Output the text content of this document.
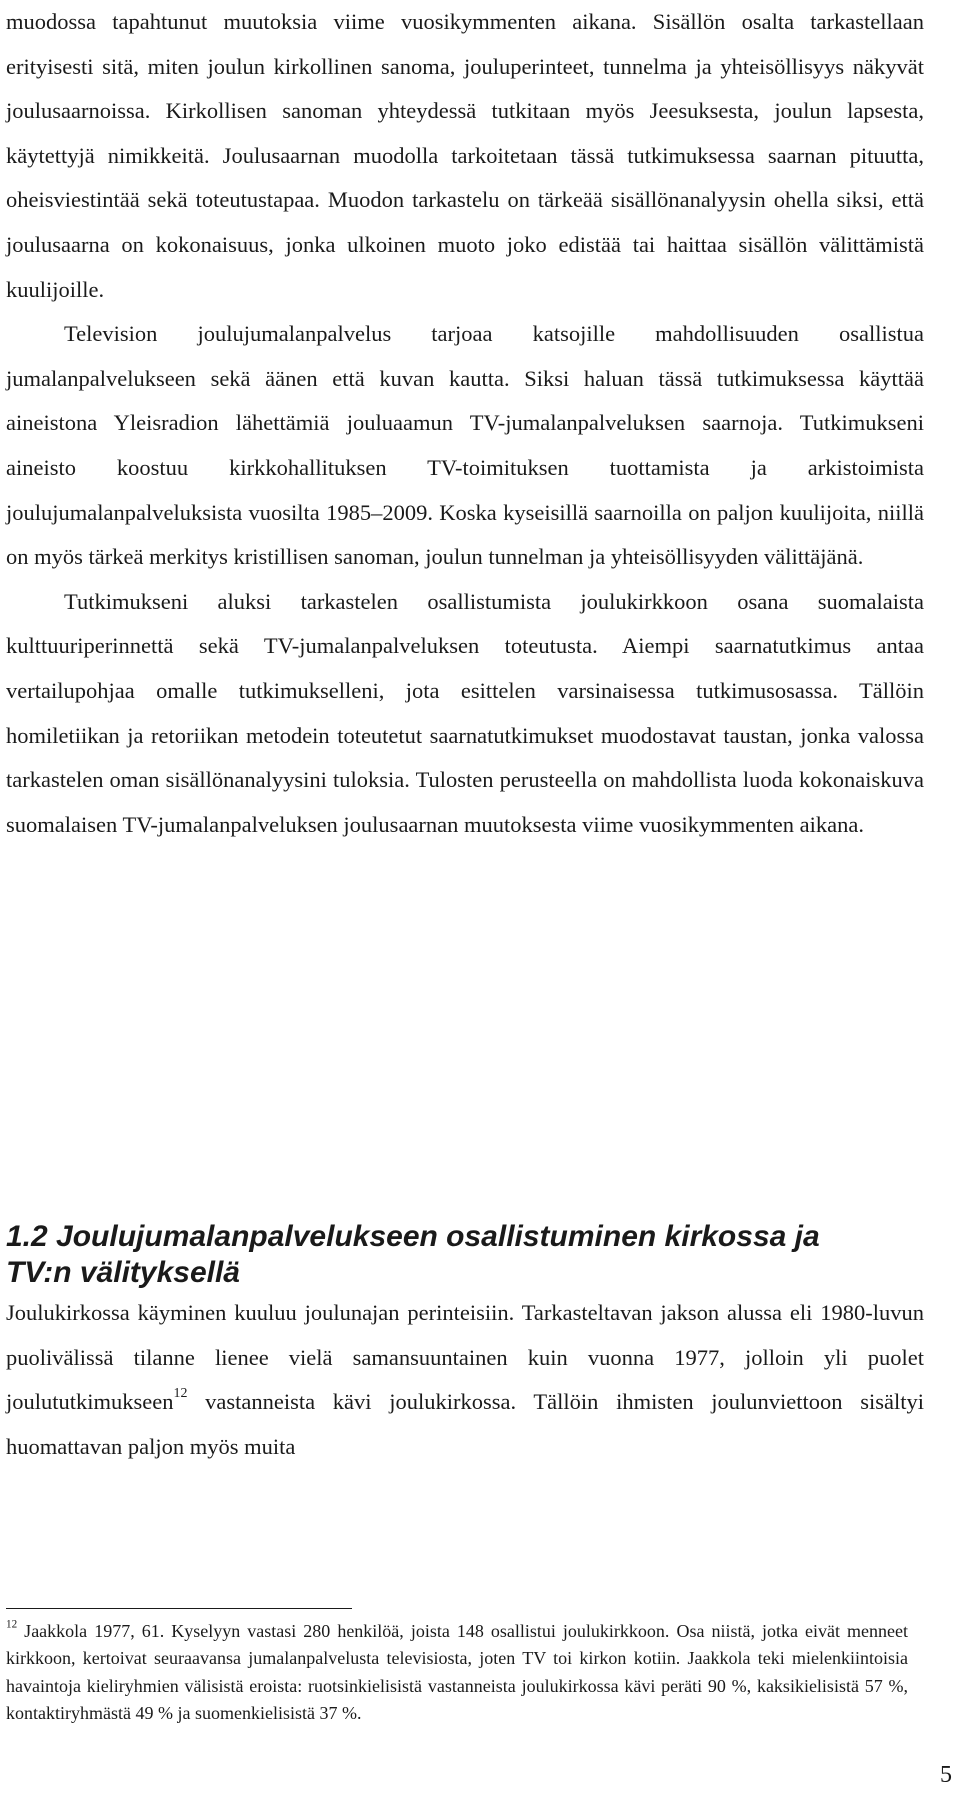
muodossa tapahtunut muutoksia viime vuosikymmenten aikana. Sisällön osalta tarkastellaan erityisesti sitä, miten joulun kirkollinen sanoma, jouluperinteet, tunnelma ja yhteisöllisyys näkyvät joulusaarnoissa. Kirkollisen sanoman yhteydessä tutkitaan myös Jeesuksesta, joulun lapsesta, käytettyjä nimikkeitä. Joulusaarnan muodolla tarkoitetaan tässä tutkimuksessa saarnan pituutta, oheisviestintää sekä toteutustapaa. Muodon tarkastelu on tärkeää sisällönanalyysin ohella siksi, että joulusaarna on kokonaisuus, jonka ulkoinen muoto joko edistää tai haittaa sisällön välittämistä kuulijoille.

Television joulujumalanpalvelus tarjoaa katsojille mahdollisuuden osallistua jumalanpalvelukseen sekä äänen että kuvan kautta. Siksi haluan tässä tutkimuksessa käyttää aineistona Yleisradion lähettämiä jouluaamun TV-jumalanpalveluksen saarnoja. Tutkimukseni aineisto koostuu kirkkohallituksen TV-toimituksen tuottamista ja arkistoimista joulujumalanpalveluksista vuosilta 1985–2009. Koska kyseisillä saarnoilla on paljon kuulijoita, niillä on myös tärkeä merkitys kristillisen sanoman, joulun tunnelman ja yhteisöllisyyden välittäjänä.

Tutkimukseni aluksi tarkastelen osallistumista joulukirkkoon osana suomalaista kulttuuriperinnettä sekä TV-jumalanpalveluksen toteutusta. Aiempi saarnatutkimus antaa vertailupohjaa omalle tutkimukselleni, jota esittelen varsinaisessa tutkimusosassa. Tällöin homiletiikan ja retoriikan metodein toteutetut saarnatutkimukset muodostavat taustan, jonka valossa tarkastelen oman sisällönanalyysini tuloksia. Tulosten perusteella on mahdollista luoda kokonaiskuva suomalaisen TV-jumalanpalveluksen joulusaarnan muutoksesta viime vuosikymmenten aikana.

1.2 Joulujumalanpalvelukseen osallistuminen kirkossa ja
TV:n välityksellä

Joulukirkossa käyminen kuuluu joulunajan perinteisiin. Tarkasteltavan jakson alussa eli 1980-luvun puolivälissä tilanne lienee vielä samansuuntainen kuin vuonna 1977, jolloin yli puolet joulututkimukseen$^{12}$ vastanneista kävi joulukirkossa. Tällöin ihmisten joulunviettoon sisältyi huomattavan paljon myös muita

$^{12}$ Jaakkola 1977, 61. Kyselyyn vastasi 280 henkilöä, joista 148 osallistui joulukirkkoon. Osa niistä, jotka eivät menneet kirkkoon, kertoivat seuraavansa jumalanpalvelusta televisiosta, joten TV toi kirkon kotiin. Jaakkola teki mielenkiintoisia havaintoja kieliryhmien välisistä eroista: ruotsinkielisistä vastanneista joulukirkossa kävi peräti 90 %, kaksikielisistä 57 %, kontaktiryhmästä 49 % ja suomenkielisistä 37 %.

5
